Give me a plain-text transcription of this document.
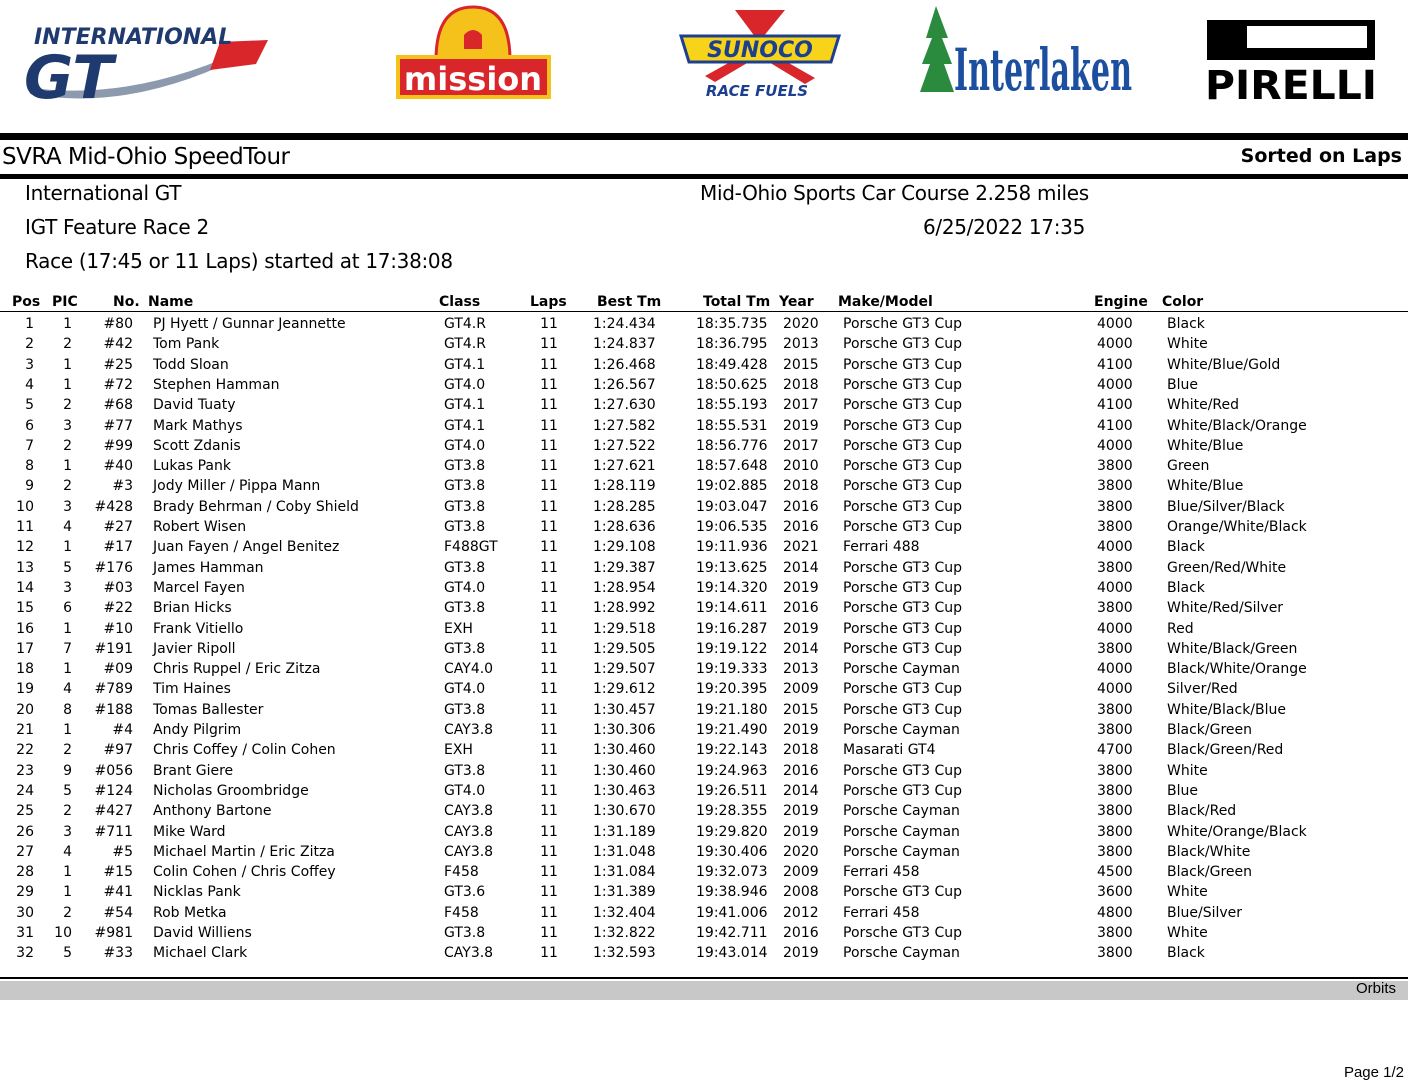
INTERNATIONAL
GT	mission
SUNOCO
RACE FUELS	Interlaken PIRELLI
SVRA Mid-Ohio SpeedTour	Sorted on Laps
International GT	Mid-Ohio Sports Car Course 2.258 miles
IGT Feature Race 2	6/25/2022 17:35
Race (17:45 or 11 Laps) started at 17:38:08
Pos PIC	No. Name	Class	Laps Best Tm	Total Tm Year Make/Model	Engine Color
1	1	#80 PJ Hyett / Gunnar Jeannette	GT4.R	11	1:24.434	18:35.735 2020	Porsche GT3 Cup	4000	Black
2	2	#42 Tom Pank	GT4.R	11	1:24.837	18:36.795 2013	Porsche GT3 Cup	4000	White
3	1	#25 Todd Sloan	GT4.1	11	1:26.468	18:49.428 2015	Porsche GT3 Cup	4100	White/Blue/Gold
4	1	#72 Stephen Hamman	GT4.0	11	1:26.567	18:50.625 2018	Porsche GT3 Cup	4000	Blue
5	2	#68 David Tuaty	GT4.1	11	1:27.630	18:55.193 2017	Porsche GT3 Cup	4100	White/Red
6	3	#77 Mark Mathys	GT4.1	11	1:27.582	18:55.531 2019	Porsche GT3 Cup	4100	White/Black/Orange
7	2	#99 Scott Zdanis	GT4.0	11	1:27.522	18:56.776 2017	Porsche GT3 Cup	4000	White/Blue
8	1	#40 Lukas Pank	GT3.8	11	1:27.621	18:57.648 2010	Porsche GT3 Cup	3800	Green
9	2	#3 Jody Miller / Pippa Mann	GT3.8	11	1:28.119	19:02.885 2018	Porsche GT3 Cup	3800	White/Blue
10	3 #428 Brady Behrman / Coby Shield	GT3.8	11	1:28.285	19:03.047 2016	Porsche GT3 Cup	3800	Blue/Silver/Black
11	4	#27 Robert Wisen	GT3.8	11	1:28.636	19:06.535 2016	Porsche GT3 Cup	3800	Orange/White/Black
12	1	#17 Juan Fayen / Angel Benitez	F488GT	11	1:29.108	19:11.936 2021	Ferrari 488	4000	Black
13	5 #176 James Hamman	GT3.8	11	1:29.387	19:13.625 2014	Porsche GT3 Cup	3800	Green/Red/White
14	3	#03 Marcel Fayen	GT4.0	11	1:28.954	19:14.320 2019	Porsche GT3 Cup	4000	Black
15	6	#22 Brian Hicks	GT3.8	11	1:28.992	19:14.611 2016	Porsche GT3 Cup	3800	White/Red/Silver
16	1	#10 Frank Vitiello	EXH	11	1:29.518	19:16.287 2019	Porsche GT3 Cup	4000	Red
17	7 #191 Javier Ripoll	GT3.8	11	1:29.505	19:19.122 2014	Porsche GT3 Cup	3800	White/Black/Green
18	1	#09 Chris Ruppel / Eric Zitza	CAY4.0	11	1:29.507	19:19.333 2013	Porsche Cayman	4000	Black/White/Orange
19	4 #789 Tim Haines	GT4.0	11	1:29.612	19:20.395 2009	Porsche GT3 Cup	4000	Silver/Red
20	8 #188 Tomas Ballester	GT3.8	11	1:30.457	19:21.180 2015	Porsche GT3 Cup	3800	White/Black/Blue
21	1	#4 Andy Pilgrim	CAY3.8	11	1:30.306	19:21.490 2019	Porsche Cayman	3800	Black/Green
22	2	#97 Chris Coffey / Colin Cohen	EXH	11	1:30.460	19:22.143 2018	Masarati GT4	4700	Black/Green/Red
23	9 #056 Brant Giere	GT3.8	11	1:30.460	19:24.963 2016	Porsche GT3 Cup	3800	White
24	5 #124 Nicholas Groombridge	GT4.0	11	1:30.463	19:26.511 2014	Porsche GT3 Cup	3800	Blue
25	2 #427 Anthony Bartone	CAY3.8	11	1:30.670	19:28.355 2019	Porsche Cayman	3800	Black/Red
26	3 #711 Mike Ward	CAY3.8	11	1:31.189	19:29.820 2019	Porsche Cayman	3800	White/Orange/Black
27	4	#5 Michael Martin / Eric Zitza	CAY3.8	11	1:31.048	19:30.406 2020	Porsche Cayman	3800	Black/White
28	1	#15 Colin Cohen / Chris Coffey	F458	11	1:31.084	19:32.073 2009	Ferrari 458	4500	Black/Green
29	1	#41 Nicklas Pank	GT3.6	11	1:31.389	19:38.946 2008	Porsche GT3 Cup	3600	White
30	2	#54 Rob Metka	F458	11	1:32.404	19:41.006 2012	Ferrari 458	4800	Blue/Silver
31 10 #981 David Williens	GT3.8	11	1:32.822	19:42.711 2016	Porsche GT3 Cup	3800	White
32	5	#33 Michael Clark	CAY3.8	11	1:32.593	19:43.014 2019	Porsche Cayman	3800	Black
Orbits
Page 1/2
